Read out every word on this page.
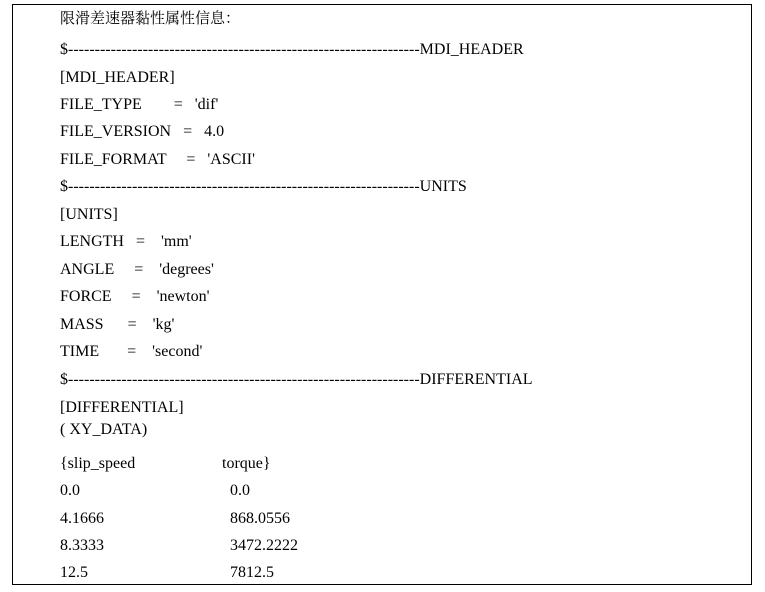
限滑差速器黏性属性信息：
$------------------------------------------------------------------MDI_HEADER
[MDI_HEADER]
FILE_TYPE        =   'dif'
FILE_VERSION   =   4.0
FILE_FORMAT     =   'ASCII'
$------------------------------------------------------------------UNITS
[UNITS]
LENGTH   =    'mm'
ANGLE     =    'degrees'
FORCE     =    'newton'
MASS      =    'kg'
TIME       =    'second'
$------------------------------------------------------------------DIFFERENTIAL
[DIFFERENTIAL]
( XY_DATA)
{slip_speed	torque}
0.0	0.0
4.1666	868.0556
8.3333	3472.2222
12.5	7812.5
